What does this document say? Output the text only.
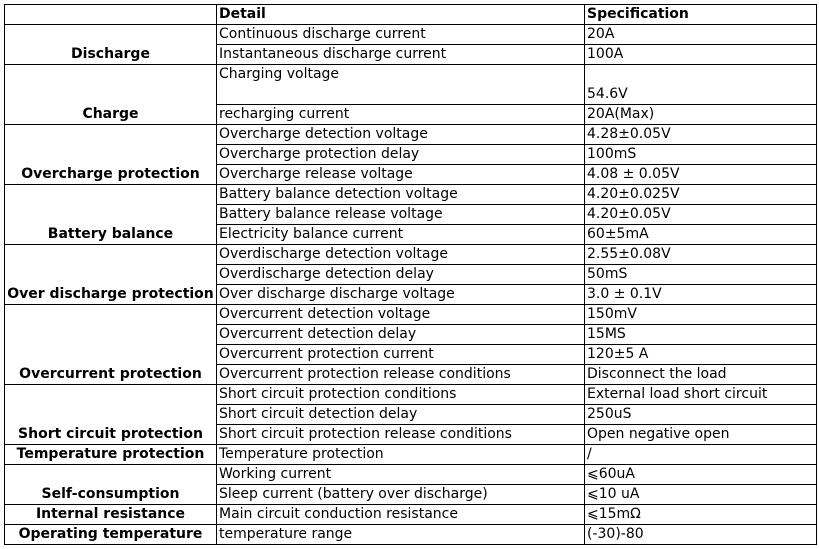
	Detail	Specification
Discharge	Continuous discharge current	20A
	Instantaneous discharge current	100A
Charge	Charging voltage	54.6V
	recharging current	20A(Max)
Overcharge protection	Overcharge detection voltage	4.28±0.05V
	Overcharge protection delay	100mS
	Overcharge release voltage	4.08 ± 0.05V
Battery balance	Battery balance detection voltage	4.20±0.025V
	Battery balance release voltage	4.20±0.05V
	Electricity balance current	60±5mA
Over discharge protection	Overdischarge detection voltage	2.55±0.08V
	Overdischarge detection delay	50mS
	Over discharge discharge voltage	3.0 ± 0.1V
Overcurrent protection	Overcurrent detection voltage	150mV
	Overcurrent detection delay	15MS
	Overcurrent protection current	120±5 A
	Overcurrent protection release conditions	Disconnect the load
Short circuit protection	Short circuit protection conditions	External load short circuit
	Short circuit detection delay	250uS
	Short circuit protection release conditions	Open negative open
Temperature protection	Temperature protection	/
Self-consumption	Working current	⩽60uA
	Sleep current (battery over discharge)	⩽10 uA
Internal resistance	Main circuit conduction resistance	⩽15mΩ
Operating temperature	temperature range	(-30)-80
